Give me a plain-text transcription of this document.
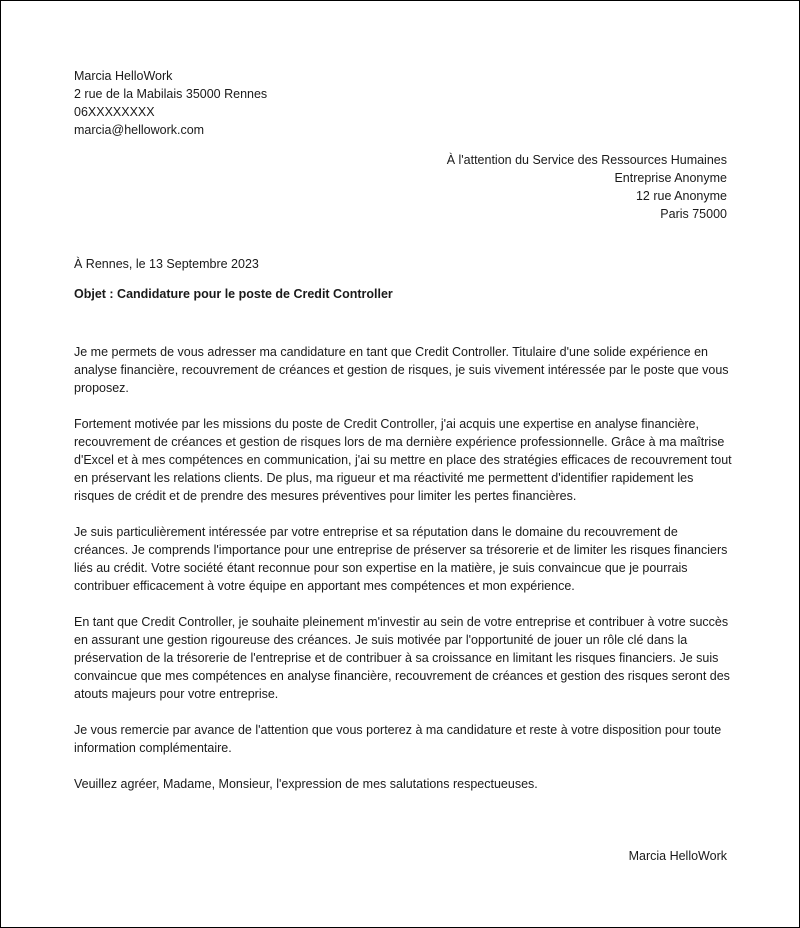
Marcia HelloWork
2 rue de la Mabilais 35000 Rennes
06XXXXXXXX
marcia@hellowork.com
À l'attention du Service des Ressources Humaines
Entreprise Anonyme
12 rue Anonyme
Paris 75000
À Rennes, le 13 Septembre 2023
Objet : Candidature pour le poste de Credit Controller

Je me permets de vous adresser ma candidature en tant que Credit Controller. Titulaire d'une solide expérience en analyse financière, recouvrement de créances et gestion de risques, je suis vivement intéressée par le poste que vous proposez.

Fortement motivée par les missions du poste de Credit Controller, j'ai acquis une expertise en analyse financière, recouvrement de créances et gestion de risques lors de ma dernière expérience professionnelle. Grâce à ma maîtrise d'Excel et à mes compétences en communication, j'ai su mettre en place des stratégies efficaces de recouvrement tout en préservant les relations clients. De plus, ma rigueur et ma réactivité me permettent d'identifier rapidement les risques de crédit et de prendre des mesures préventives pour limiter les pertes financières.

Je suis particulièrement intéressée par votre entreprise et sa réputation dans le domaine du recouvrement de créances. Je comprends l'importance pour une entreprise de préserver sa trésorerie et de limiter les risques financiers liés au crédit. Votre société étant reconnue pour son expertise en la matière, je suis convaincue que je pourrais contribuer efficacement à votre équipe en apportant mes compétences et mon expérience.

En tant que Credit Controller, je souhaite pleinement m'investir au sein de votre entreprise et contribuer à votre succès en assurant une gestion rigoureuse des créances. Je suis motivée par l'opportunité de jouer un rôle clé dans la préservation de la trésorerie de l'entreprise et de contribuer à sa croissance en limitant les risques financiers. Je suis convaincue que mes compétences en analyse financière, recouvrement de créances et gestion des risques seront des atouts majeurs pour votre entreprise.

Je vous remercie par avance de l'attention que vous porterez à ma candidature et reste à votre disposition pour toute information complémentaire.

Veuillez agréer, Madame, Monsieur, l'expression de mes salutations respectueuses.

Marcia HelloWork
